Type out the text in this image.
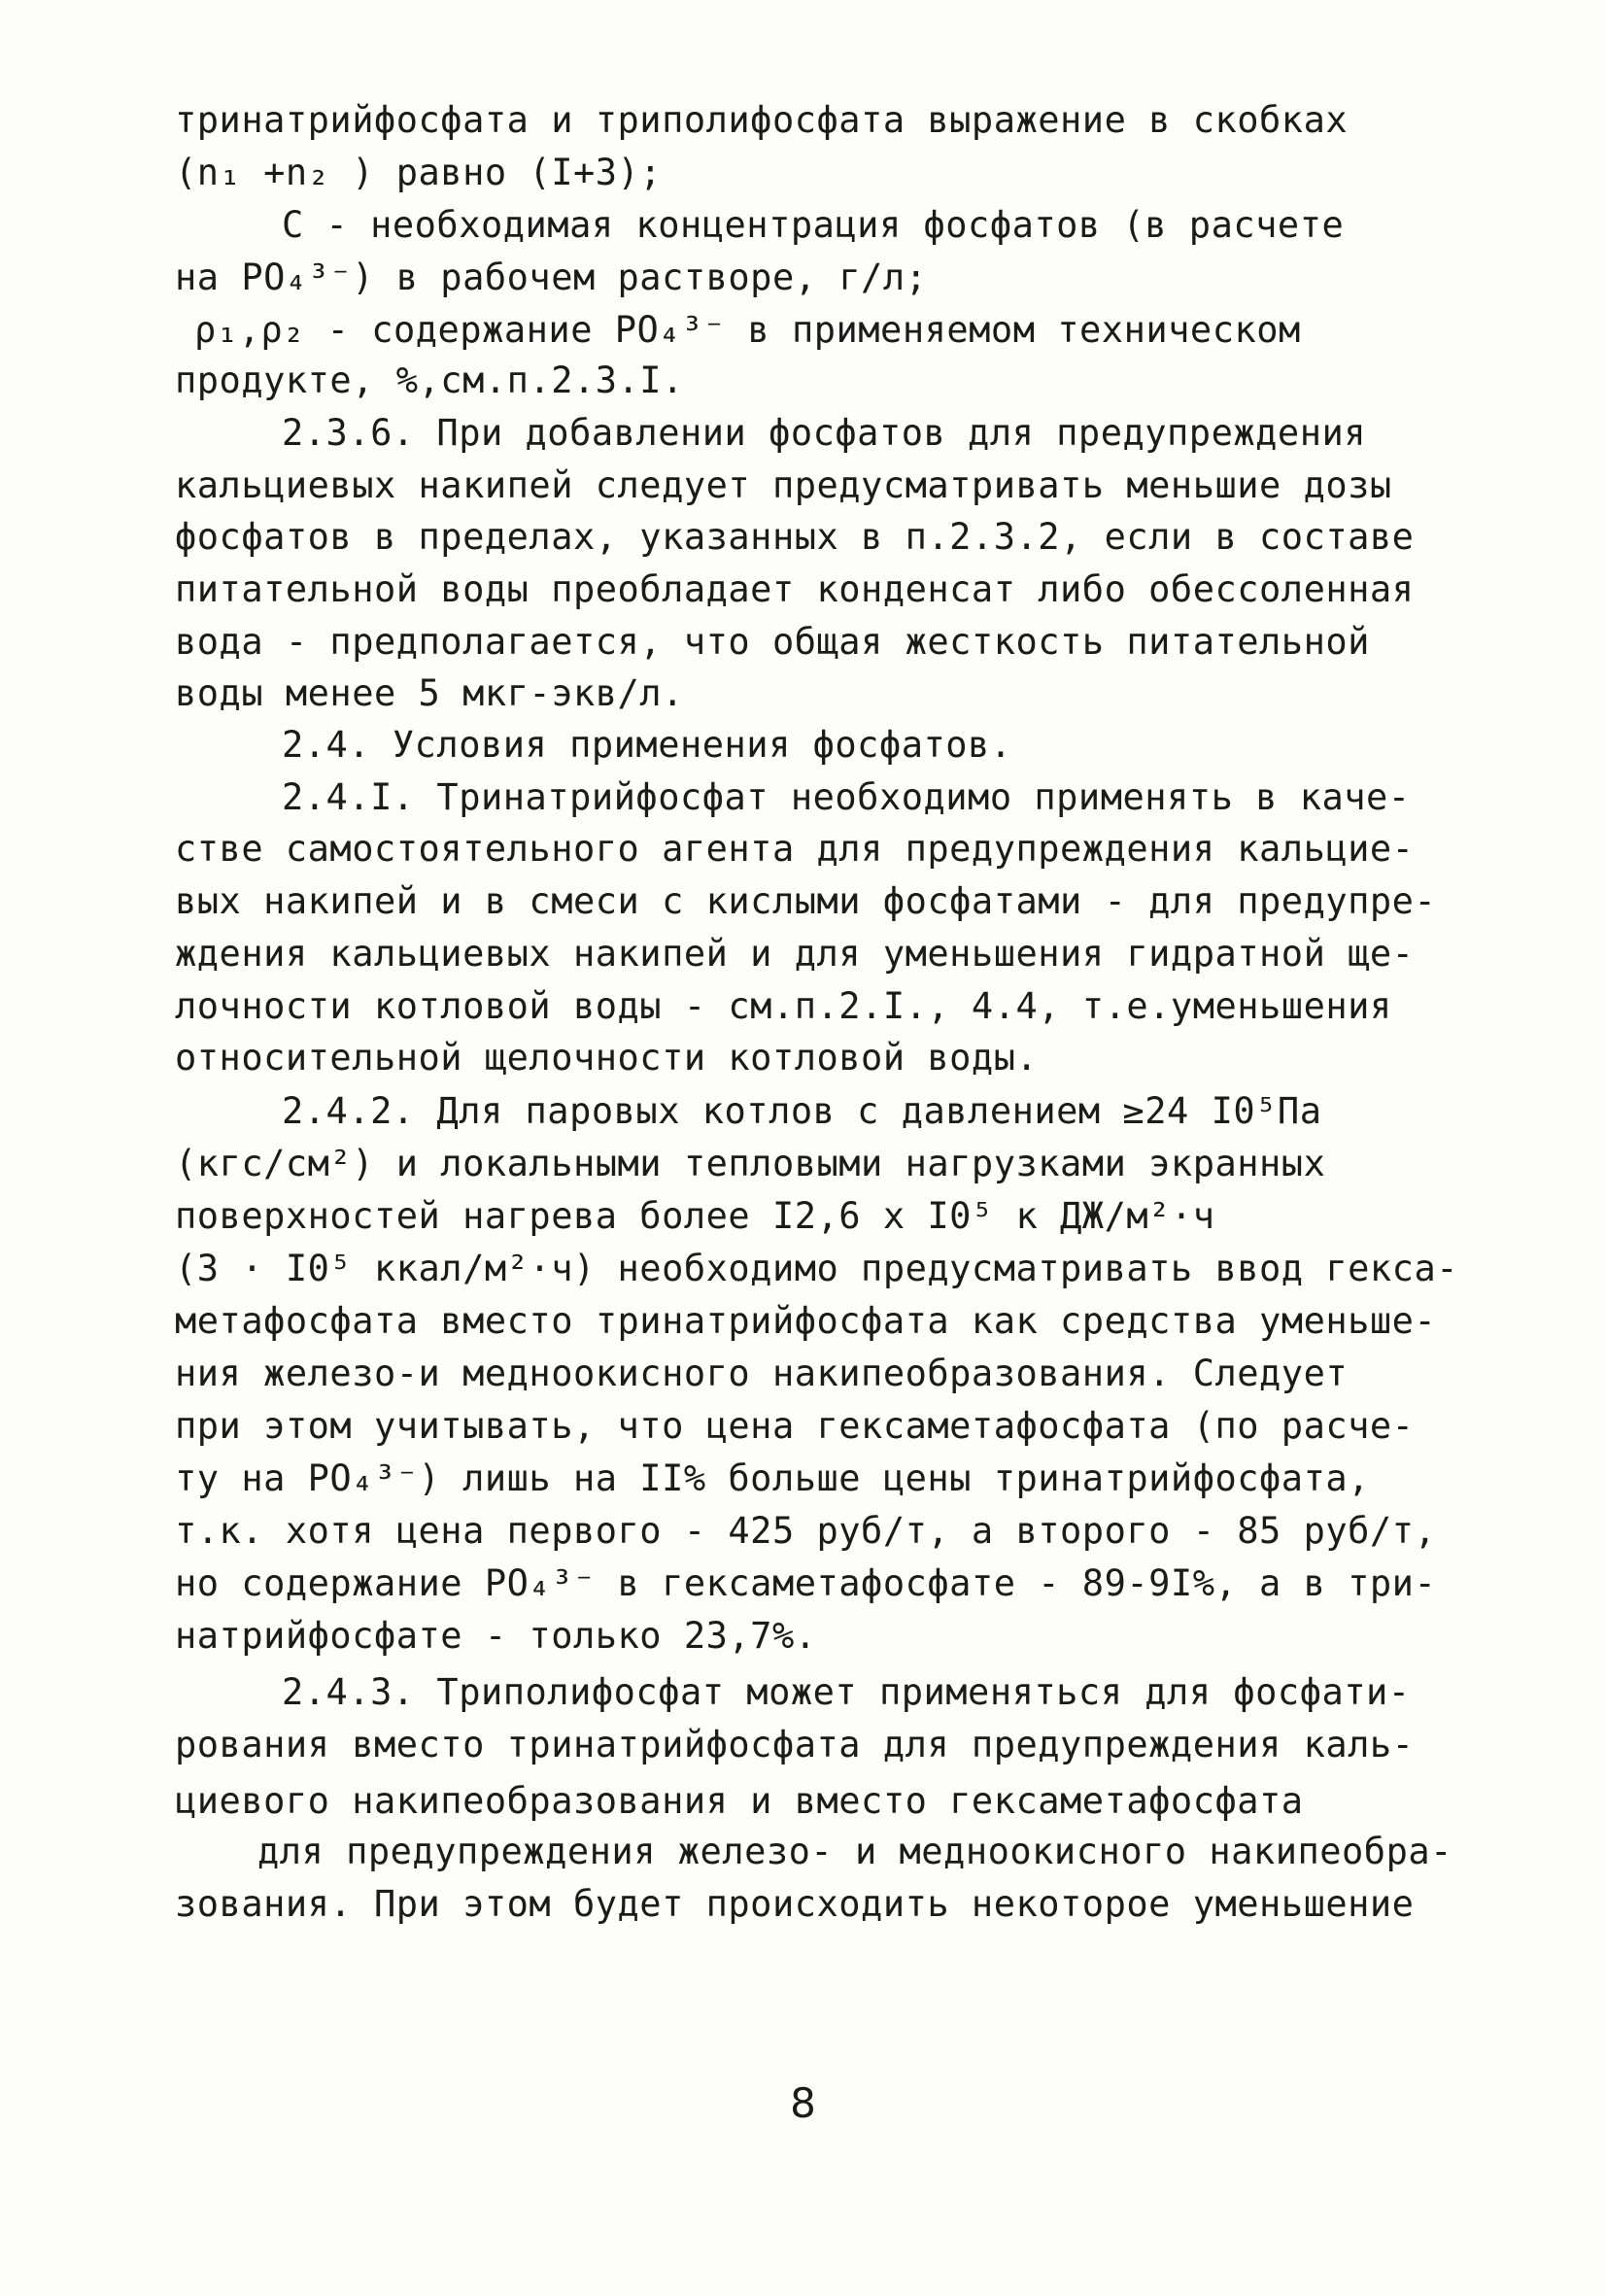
тринатрийфосфата и триполифосфата выражение в скобках
(n₁ +n₂ ) равно (I+3);
С - необходимая концентрация фосфатов (в расчете
на PO₄³⁻) в рабочем растворе, г/л;
ρ₁,ρ₂ - содержание PO₄³⁻ в применяемом техническом
продукте, %,см.п.2.3.I.
2.3.6. При добавлении фосфатов для предупреждения
кальциевых накипей следует предусматривать меньшие дозы
фосфатов в пределах, указанных в п.2.3.2, если в составе
питательной воды преобладает конденсат либо обессоленная
вода - предполагается, что общая жесткость питательной
воды менее 5 мкг-экв/л.
2.4. Условия применения фосфатов.
2.4.I. Тринатрийфосфат необходимо применять в каче-
стве самостоятельного агента для предупреждения кальцие-
вых накипей и в смеси с кислыми фосфатами - для предупре-
ждения кальциевых накипей и для уменьшения гидратной ще-
лочности котловой воды - см.п.2.I., 4.4, т.е.уменьшения
относительной щелочности котловой воды.
2.4.2. Для паровых котлов с давлением ≥24 I0⁵Па
(кгс/см²) и локальными тепловыми нагрузками экранных
поверхностей нагрева более I2,6 x I0⁵ к ДЖ/м²·ч
(3 · I0⁵ ккал/м²·ч) необходимо предусматривать ввод гекса-
метафосфата вместо тринатрийфосфата как средства уменьше-
ния железо-и медноокисного накипеобразования. Следует
при этом учитывать, что цена гексаметафосфата (по расче-
ту на PO₄³⁻) лишь на II% больше цены тринатрийфосфата,
т.к. хотя цена первого - 425 руб/т, а второго - 85 руб/т,
но содержание PO₄³⁻ в гексаметафосфате - 89-9I%, а в три-
натрийфосфате - только 23,7%.
2.4.3. Триполифосфат может применяться для фосфати-
рования вместо тринатрийфосфата для предупреждения каль-
циевого накипеобразования и вместо гексаметафосфата
для предупреждения железо- и медноокисного накипеобра-
зования. При этом будет происходить некоторое уменьшение
8
